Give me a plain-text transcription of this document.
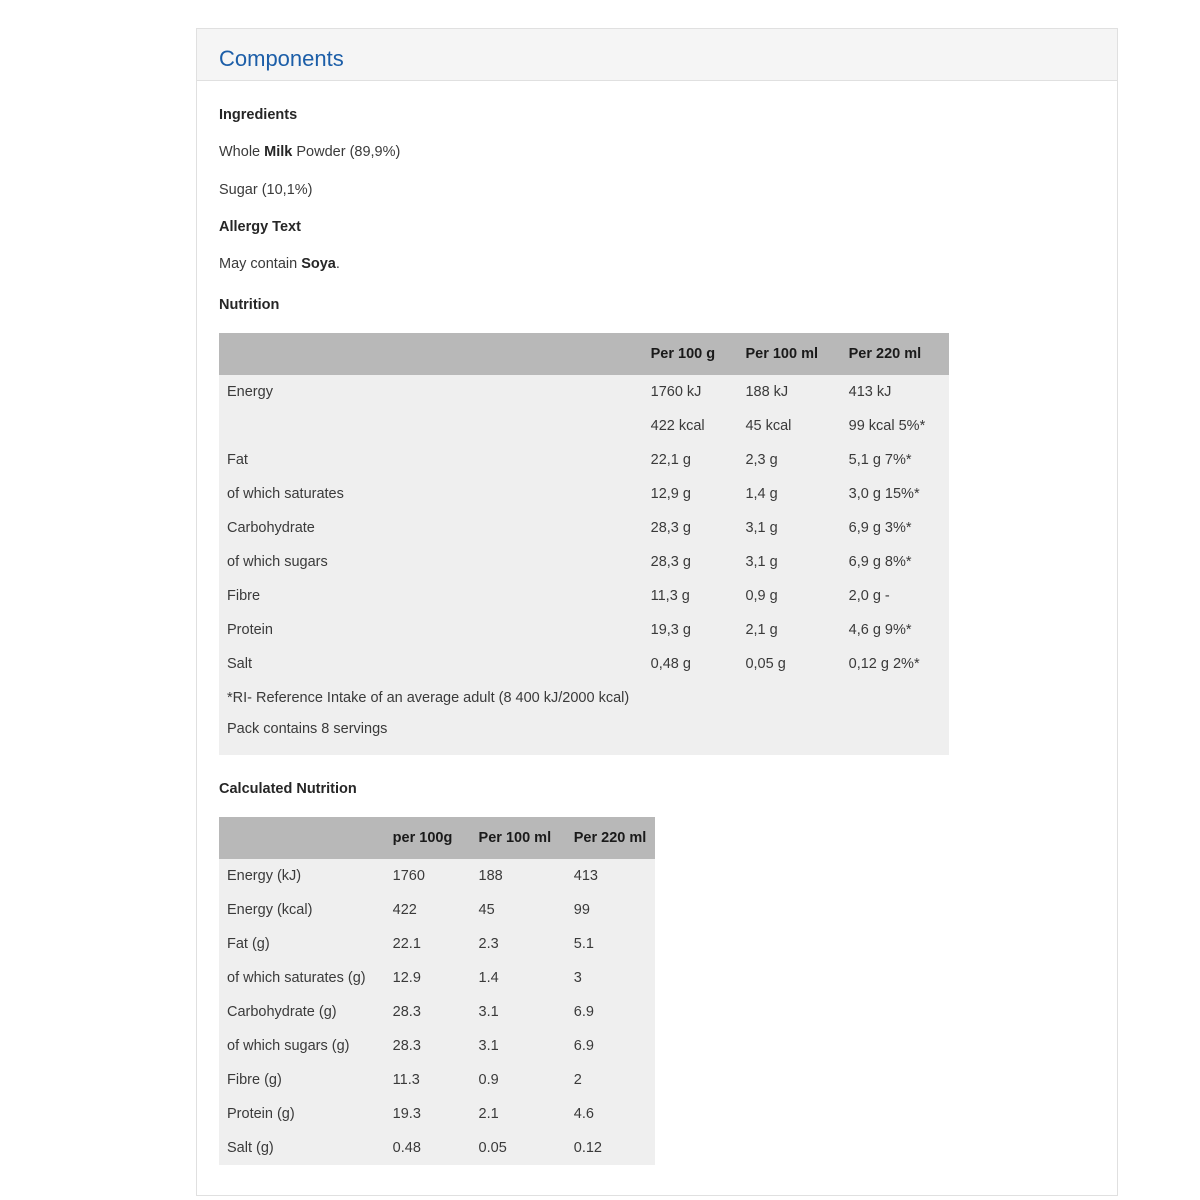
Components
Ingredients
Whole Milk Powder (89,9%)
Sugar (10,1%)
Allergy Text
May contain Soya.
Nutrition
	Per 100 g	Per 100 ml	Per 220 ml
Energy	1760 kJ	188 kJ	413 kJ
	422 kcal	45 kcal	99 kcal 5%*
Fat	22,1 g	2,3 g	5,1 g 7%*
of which saturates	12,9 g	1,4 g	3,0 g 15%*
Carbohydrate	28,3 g	3,1 g	6,9 g 3%*
of which sugars	28,3 g	3,1 g	6,9 g 8%*
Fibre	11,3 g	0,9 g	2,0 g -
Protein	19,3 g	2,1 g	4,6 g 9%*
Salt	0,48 g	0,05 g	0,12 g 2%*
*RI- Reference Intake of an average adult (8 400 kJ/2000 kcal)
Pack contains 8 servings
Calculated Nutrition
	per 100g	Per 100 ml	Per 220 ml
Energy (kJ)	1760	188	413
Energy (kcal)	422	45	99
Fat (g)	22.1	2.3	5.1
of which saturates (g)	12.9	1.4	3
Carbohydrate (g)	28.3	3.1	6.9
of which sugars (g)	28.3	3.1	6.9
Fibre (g)	11.3	0.9	2
Protein (g)	19.3	2.1	4.6
Salt (g)	0.48	0.05	0.12
